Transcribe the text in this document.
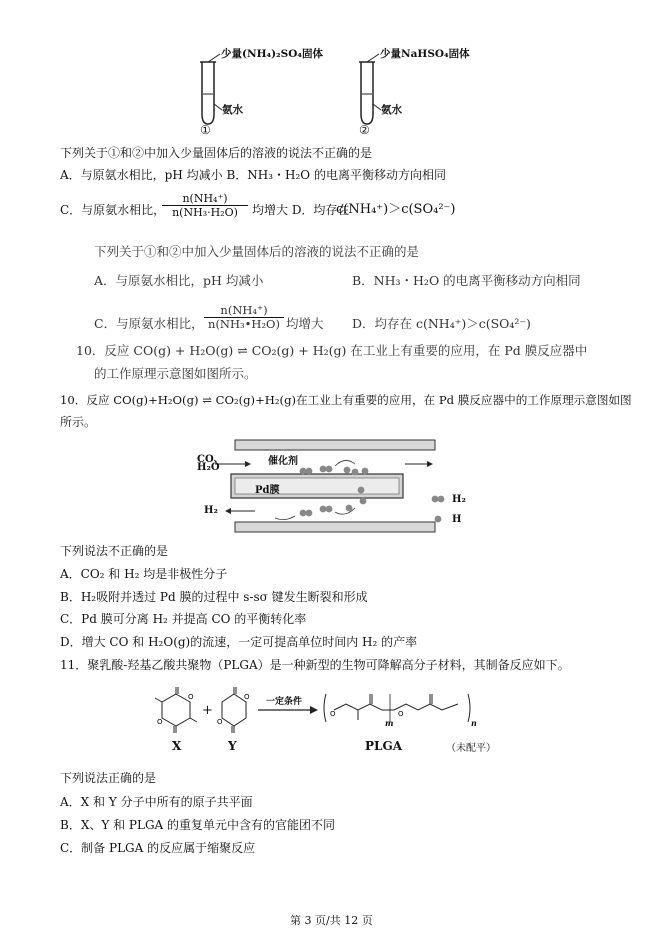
少量(NH₄)₂SO₄固体	少量NaHSO₄固体
氨水	氨水
①	②
下列关于①和②中加入少量固体后的溶液的说法不正确的是
A．与原氨水相比，pH 均减小 B．NH₃・H₂O 的电离平衡移动方向相同
C．与原氨水相比，
$\frac{\text{n(NH₄⁺)}}{\text{n(NH₃·H₂O)}}$ 均增大 D．均存在
c(NH₄⁺)＞c(SO₄²⁻)
下列关于①和②中加入少量固体后的溶液的说法不正确的是
A．与原氨水相比，pH 均减小	B．NH₃・H₂O 的电离平衡移动方向相同
C．与原氨水相比， $\frac{\text{n(NH₄⁺)}}{\text{n(NH₃•H₂O)}}$ 均增大 D．均存在 c(NH₄⁺)＞c(SO₄²⁻)
10．反应 CO(g) + H₂O(g) ⇌ CO₂(g) + H₂(g) 在工业上有重要的应用，在 Pd 膜反应器中
的工作原理示意图如图所示。
10．反应 CO(g)+H₂O(g) ⇌ CO₂(g)+H₂(g)在工业上有重要的应用，在 Pd 膜反应器中的工作原理示意图如图
所示。
CO、
H₂O
催化剂
Pd膜
H₂
H₂
H
下列说法不正确的是
A．CO₂ 和 H₂ 均是非极性分子
B．H₂吸附并透过 Pd 膜的过程中 s-sσ 键发生断裂和形成
C．Pd 膜可分离 H₂ 并提高 CO 的平衡转化率
D．增大 CO 和 H₂O(g)的流速，一定可提高单位时间内 H₂ 的产率
11．聚乳酸-羟基乙酸共聚物（PLGA）是一种新型的生物可降解高分子材料，其制备反应如下。
O
O
+
O
O
一定条件
O	O
m	n
X	Y	PLGA	（未配平）
下列说法正确的是
A．X 和 Y 分子中所有的原子共平面
B．X、Y 和 PLGA 的重复单元中含有的官能团不同
C．制备 PLGA 的反应属于缩聚反应
第 3 页/共 12 页
